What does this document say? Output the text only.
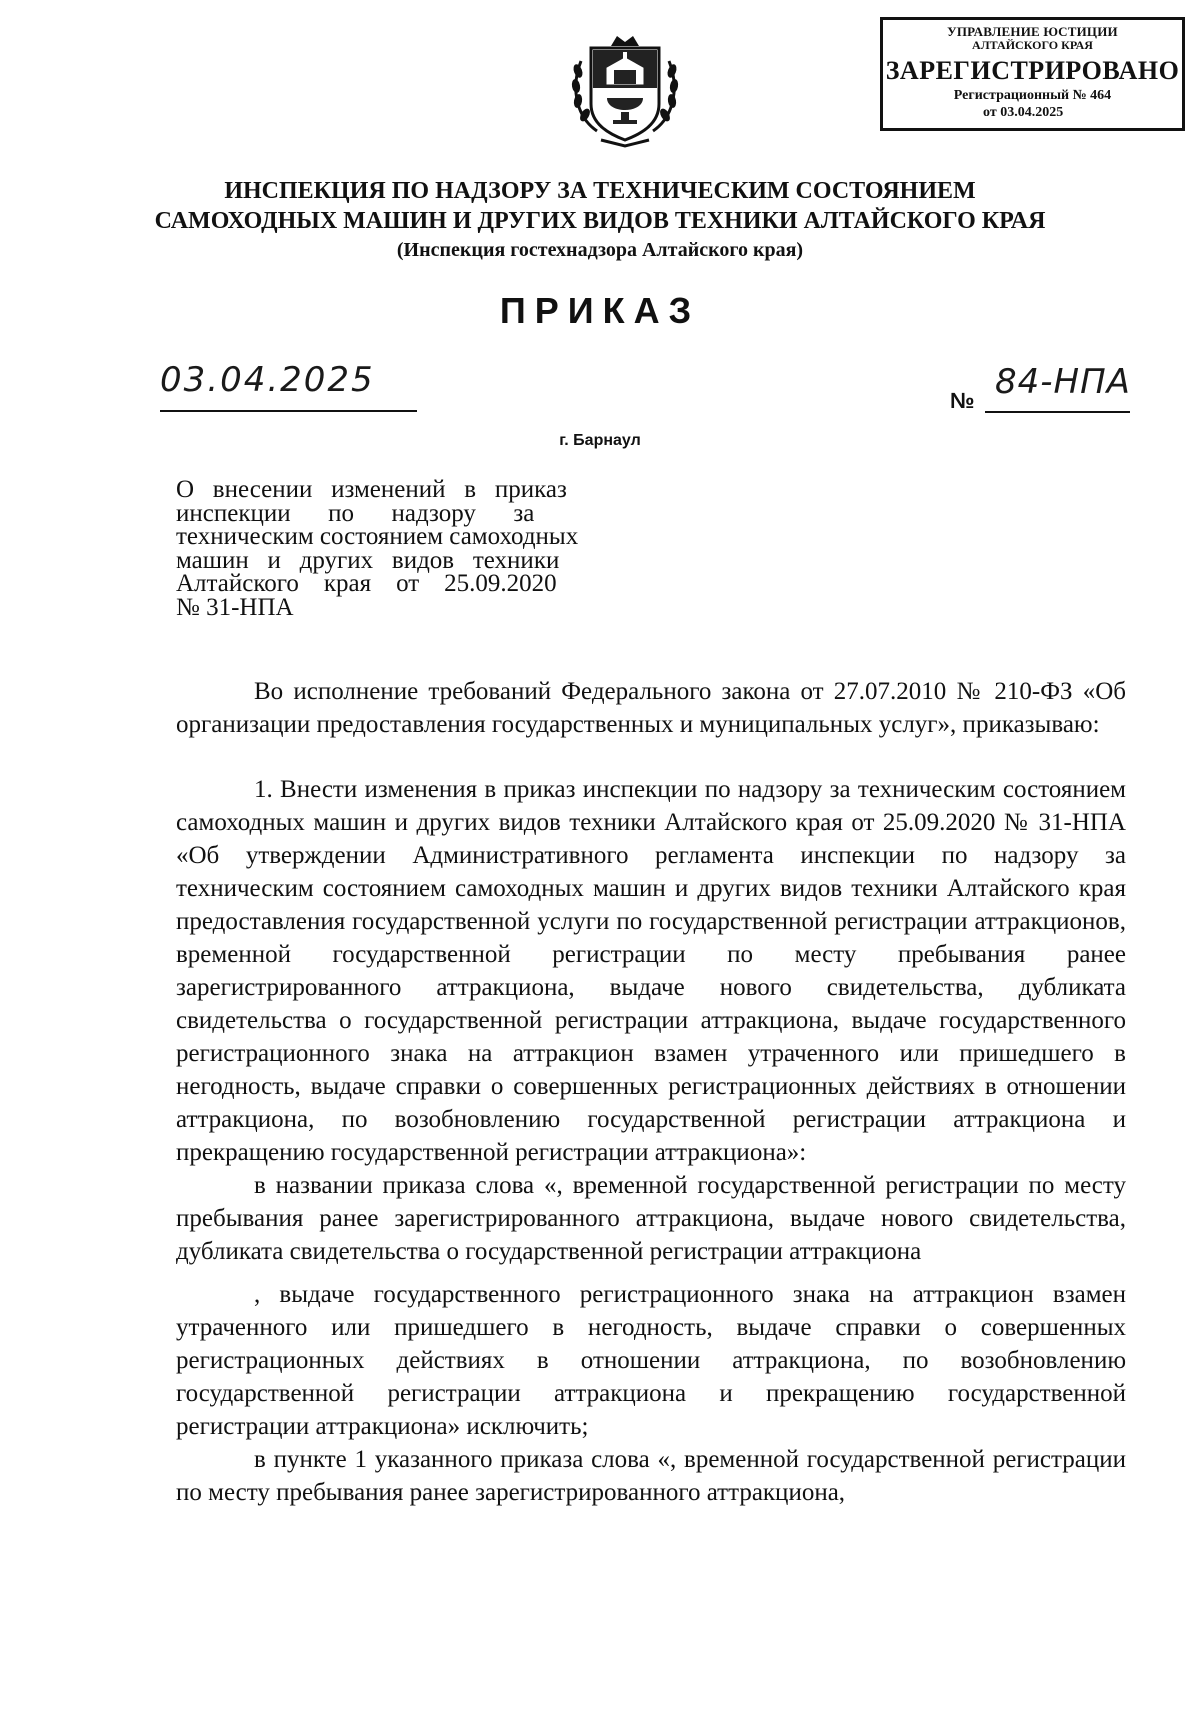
УПРАВЛЕНИЕ ЮСТИЦИИ
АЛТАЙСКОГО КРАЯ
ЗАРЕГИСТРИРОВАНО
Регистрационный № 464
от 03.04.2025
ИНСПЕКЦИЯ ПО НАДЗОРУ ЗА ТЕХНИЧЕСКИМ СОСТОЯНИЕМ
САМОХОДНЫХ МАШИН И ДРУГИХ ВИДОВ ТЕХНИКИ АЛТАЙСКОГО КРАЯ
(Инспекция гостехнадзора Алтайского края)
ПРИКАЗ
03.04.2025
№ 84-НПА
г. Барнаул
О   внесении   изменений   в   приказ
инспекции      по      надзору      за
техническим состоянием самоходных
машин   и   других   видов   техники
Алтайского    края    от    25.09.2020
№ 31-НПА

Во исполнение требований Федерального закона от 27.07.2010 № 210-ФЗ «Об организации предоставления государственных и муниципальных услуг», приказываю:

1. Внести изменения в приказ инспекции по надзору за техническим состоянием самоходных машин и других видов техники Алтайского края от 25.09.2020 № 31-НПА «Об утверждении Административного регламента инспекции по надзору за техническим состоянием самоходных машин и других видов техники Алтайского края предоставления государственной услуги по государственной регистрации аттракционов, временной государственной регистрации по месту пребывания ранее зарегистрированного аттракциона, выдаче нового свидетельства, дубликата свидетельства о государственной регистрации аттракциона, выдаче государственного регистрационного знака на аттракцион взамен утраченного или пришедшего в негодность, выдаче справки о совершенных регистрационных действиях в отношении аттракциона, по возобновлению государственной регистрации аттракциона и прекращению государственной регистрации аттракциона»:

в названии приказа слова «, временной государственной регистрации по месту пребывания ранее зарегистрированного аттракциона, выдаче нового свидетельства, дубликата свидетельства о государственной регистрации аттракциона

, выдаче государственного регистрационного знака на аттракцион взамен утраченного или пришедшего в негодность, выдаче справки о совершенных регистрационных действиях в отношении аттракциона, по возобновлению государственной регистрации аттракциона и прекращению государственной регистрации аттракциона» исключить;

в пункте 1 указанного приказа слова «, временной государственной регистрации по месту пребывания ранее зарегистрированного аттракциона,
